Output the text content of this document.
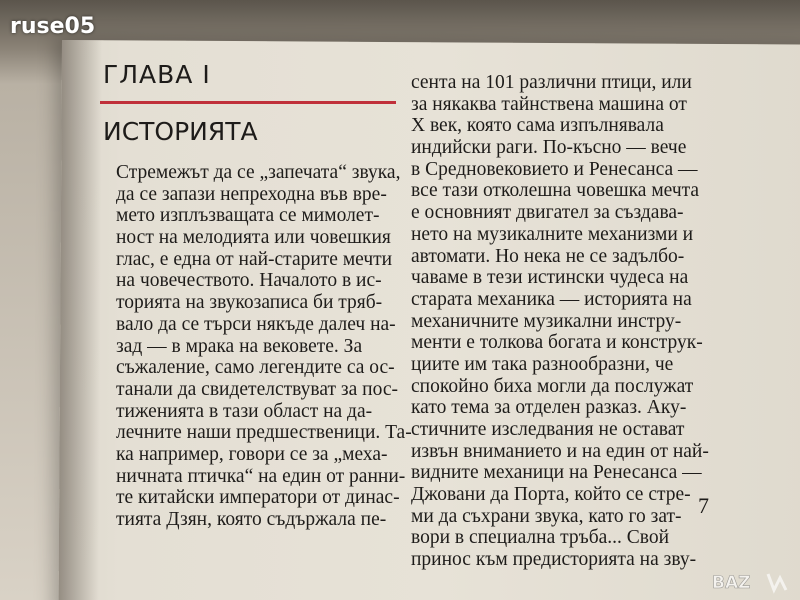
ruse05
ГЛАВА I
ИСТОРИЯТА
Стремежът да се „запечата“ звука,
да се запази непреходна във вре-
мето изплъзващата се мимолет-
ност на мелодията или човешкия
глас, е една от най-старите мечти
на човечеството. Началото в ис-
торията на звукозаписа би тряб-
вало да се търси някъде далеч на-
зад — в мрака на вековете. За
съжаление, само легендите са ос-
танали да свидетелствуват за пос-
тиженията в тази област на да-
лечните наши предшественици. Та-
ка например, говори се за „меха-
ничната птичка“ на един от ранни-
те китайски императори от динас-
тията Дзян, която съдържала пе-
сента на 101 различни птици, или
за някаква тайнствена машина от
X век, която сама изпълнявала
индийски раги. По-късно — вече
в Средновековието и Ренесанса —
все тази отколешна човешка мечта
е основният двигател за създава-
нето на музикалните механизми и
автомати. Но нека не се задълбо-
чаваме в тези истински чудеса на
старата механика — историята на
механичните музикални инстру-
менти е толкова богата и конструк-
циите им така разнообразни, че
спокойно биха могли да послужат
като тема за отделен разказ. Аку-
стичните изследвания не остават
извън вниманието и на един от най-
видните механици на Ренесанса —
Джовани да Порта, който се стре-
ми да съхрани звука, като го зат-
вори в специална тръба... Свой
принос към предисторията на зву-
7
BAZ
